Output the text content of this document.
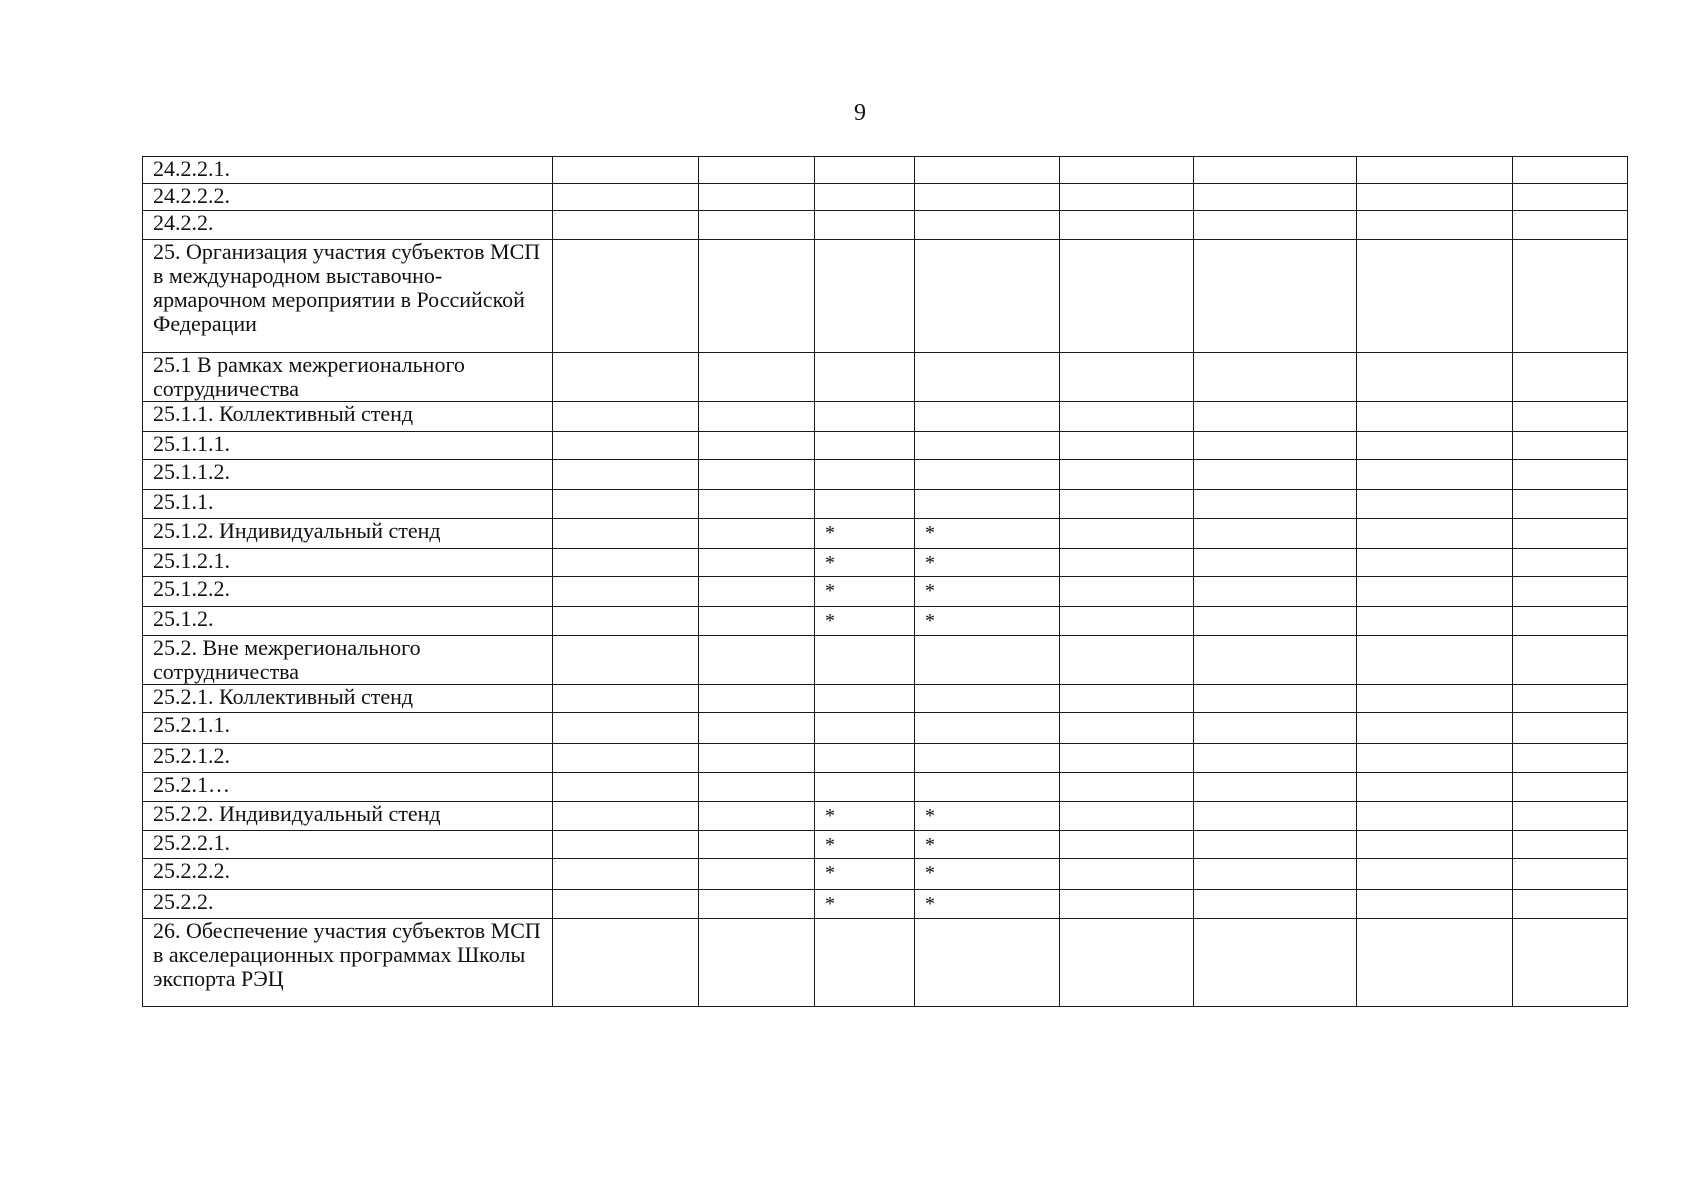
9
24.2.2.1.								
24.2.2.2.								
24.2.2.								
25. Организация участия субъектов МСП в международном выставочно-ярмарочном мероприятии в Российской Федерации								
25.1 В рамках межрегионального сотрудничества								
25.1.1. Коллективный стенд								
25.1.1.1.								
25.1.1.2.								
25.1.1.								
25.1.2. Индивидуальный стенд			*	*				
25.1.2.1.			*	*				
25.1.2.2.			*	*				
25.1.2.			*	*				
25.2. Вне межрегионального сотрудничества								
25.2.1. Коллективный стенд								
25.2.1.1.								
25.2.1.2.								
25.2.1…								
25.2.2. Индивидуальный стенд			*	*				
25.2.2.1.			*	*				
25.2.2.2.			*	*				
25.2.2.			*	*				
26. Обеспечение участия субъектов МСП в акселерационных программах Школы экспорта РЭЦ								
